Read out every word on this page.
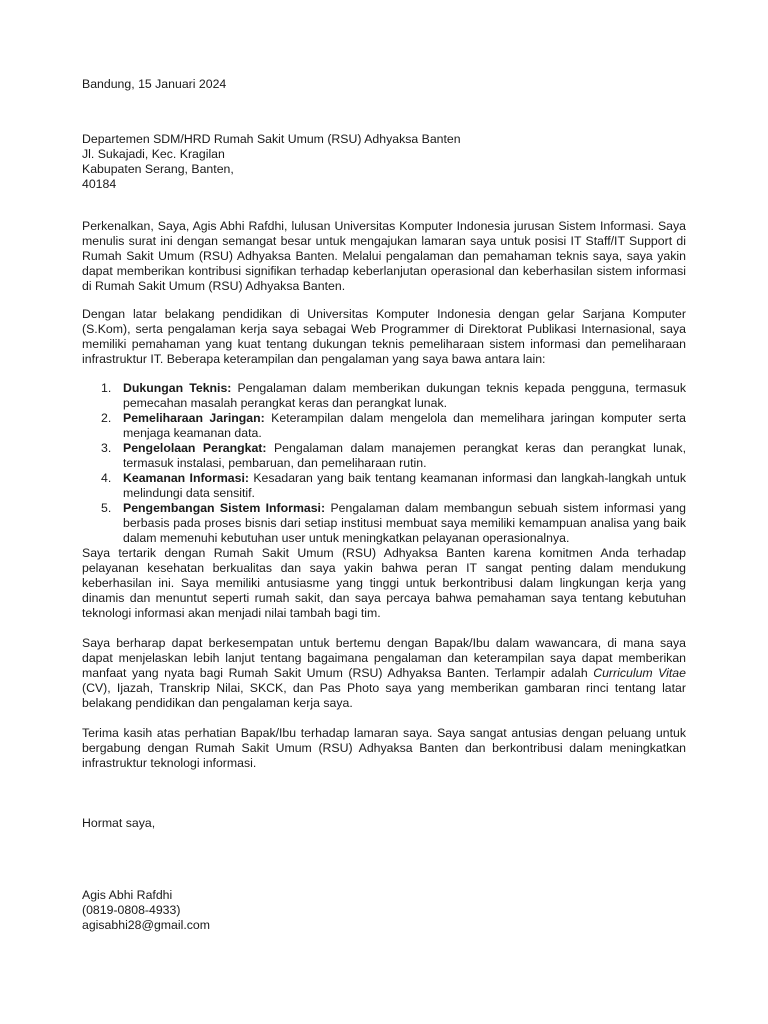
Bandung, 15 Januari 2024

Departemen SDM/HRD Rumah Sakit Umum (RSU) Adhyaksa Banten
Jl. Sukajadi, Kec. Kragilan
Kabupaten Serang, Banten,
40184

Perkenalkan, Saya, Agis Abhi Rafdhi, lulusan Universitas Komputer Indonesia jurusan Sistem Informasi. Saya menulis surat ini dengan semangat besar untuk mengajukan lamaran saya untuk posisi IT Staff/IT Support di Rumah Sakit Umum (RSU) Adhyaksa Banten. Melalui pengalaman dan pemahaman teknis saya, saya yakin dapat memberikan kontribusi signifikan terhadap keberlanjutan operasional dan keberhasilan sistem informasi di Rumah Sakit Umum (RSU) Adhyaksa Banten.

Dengan latar belakang pendidikan di Universitas Komputer Indonesia dengan gelar Sarjana Komputer (S.Kom), serta pengalaman kerja saya sebagai Web Programmer di Direktorat Publikasi Internasional, saya memiliki pemahaman yang kuat tentang dukungan teknis pemeliharaan sistem informasi dan pemeliharaan infrastruktur IT. Beberapa keterampilan dan pengalaman yang saya bawa antara lain:

1. Dukungan Teknis: Pengalaman dalam memberikan dukungan teknis kepada pengguna, termasuk pemecahan masalah perangkat keras dan perangkat lunak.
2. Pemeliharaan Jaringan: Keterampilan dalam mengelola dan memelihara jaringan komputer serta menjaga keamanan data.
3. Pengelolaan Perangkat: Pengalaman dalam manajemen perangkat keras dan perangkat lunak, termasuk instalasi, pembaruan, dan pemeliharaan rutin.
4. Keamanan Informasi: Kesadaran yang baik tentang keamanan informasi dan langkah-langkah untuk melindungi data sensitif.
5. Pengembangan Sistem Informasi: Pengalaman dalam membangun sebuah sistem informasi yang berbasis pada proses bisnis dari setiap institusi membuat saya memiliki kemampuan analisa yang baik dalam memenuhi kebutuhan user untuk meningkatkan pelayanan operasionalnya.

Saya tertarik dengan Rumah Sakit Umum (RSU) Adhyaksa Banten karena komitmen Anda terhadap pelayanan kesehatan berkualitas dan saya yakin bahwa peran IT sangat penting dalam mendukung keberhasilan ini. Saya memiliki antusiasme yang tinggi untuk berkontribusi dalam lingkungan kerja yang dinamis dan menuntut seperti rumah sakit, dan saya percaya bahwa pemahaman saya tentang kebutuhan teknologi informasi akan menjadi nilai tambah bagi tim.

Saya berharap dapat berkesempatan untuk bertemu dengan Bapak/Ibu dalam wawancara, di mana saya dapat menjelaskan lebih lanjut tentang bagaimana pengalaman dan keterampilan saya dapat memberikan manfaat yang nyata bagi Rumah Sakit Umum (RSU) Adhyaksa Banten. Terlampir adalah Curriculum Vitae (CV), Ijazah, Transkrip Nilai, SKCK, dan Pas Photo saya yang memberikan gambaran rinci tentang latar belakang pendidikan dan pengalaman kerja saya.

Terima kasih atas perhatian Bapak/Ibu terhadap lamaran saya. Saya sangat antusias dengan peluang untuk bergabung dengan Rumah Sakit Umum (RSU) Adhyaksa Banten dan berkontribusi dalam meningkatkan infrastruktur teknologi informasi.

Hormat saya,

Agis Abhi Rafdhi
(0819-0808-4933)
agisabhi28@gmail.com
